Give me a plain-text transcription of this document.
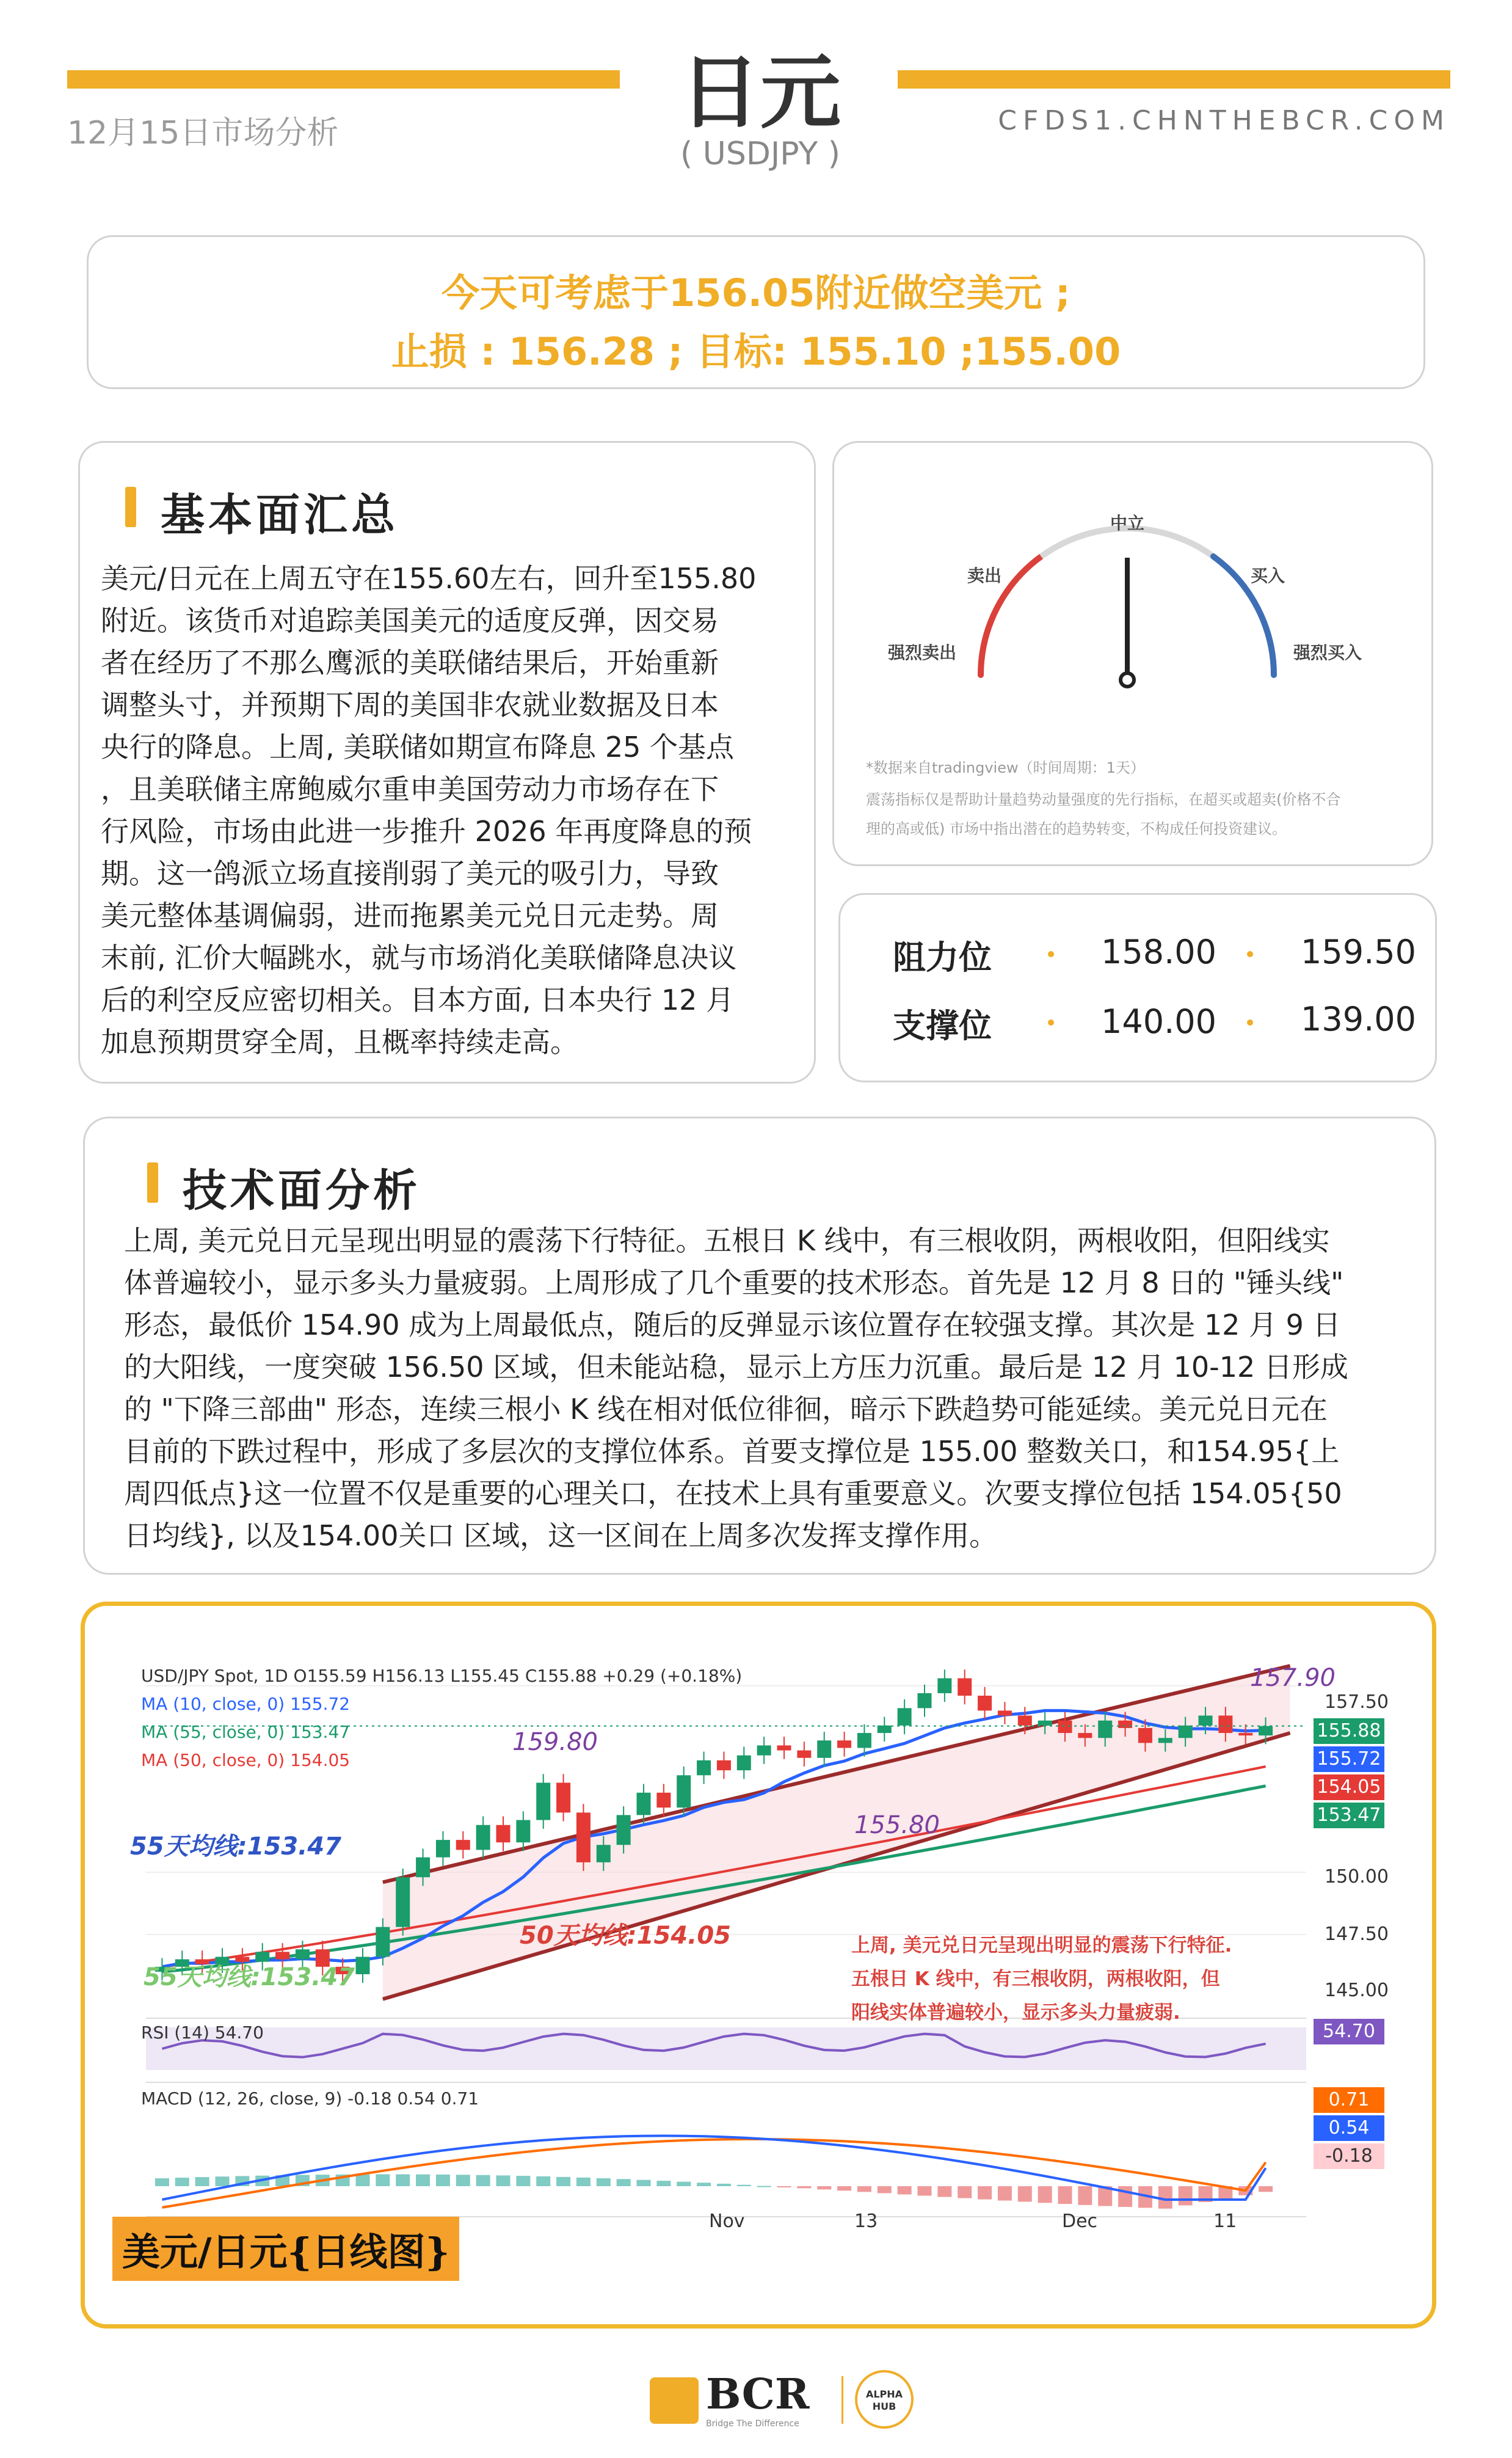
日元
( USDJPY )
12月15日市场分析	CFDS1.CHNTHEBCR.COM
今天可考虑于156.05附近做空美元 ;
止损 : 156.28 ; 目标: 155.10 ;155.00
基本面汇总
美元/日元在上周五守在155.60左右，回升至155.80
附近。该货币对追踪美国美元的适度反弹，因交易
者在经历了不那么鹰派的美联储结果后，开始重新
调整头寸，并预期下周的美国非农就业数据及日本
央行的降息。上周, 美联储如期宣布降息 25 个基点
，且美联储主席鲍威尔重申美国劳动力市场存在下
行风险，市场由此进一步推升 2026 年再度降息的预
期。这一鸽派立场直接削弱了美元的吸引力，导致
美元整体基调偏弱，进而拖累美元兑日元走势。周
末前, 汇价大幅跳水，就与市场消化美联储降息决议
后的利空反应密切相关。目本方面, 日本央行 12 月
加息预期贯穿全周，且概率持续走高。
中立
卖出	买入
强烈卖出	强烈买入
*数据来自tradingview（时间周期：1天）
震荡指标仅是帮助计量趋势动量强度的先行指标，在超买或超卖(价格不合
理的高或低) 市场中指出潜在的趋势转变，不构成任何投资建议。
阻力位	158.00	159.50
支撑位	140.00	139.00
技术面分析
上周, 美元兑日元呈现出明显的震荡下行特征。五根日 K 线中，有三根收阴，两根收阳，但阳线实
体普遍较小，显示多头力量疲弱。上周形成了几个重要的技术形态。首先是 12 月 8 日的 "锤头线"
形态，最低价 154.90 成为上周最低点，随后的反弹显示该位置存在较强支撑。其次是 12 月 9 日
的大阳线，一度突破 156.50 区域，但未能站稳，显示上方压力沉重。最后是 12 月 10-12 日形成
的 "下降三部曲" 形态，连续三根小 K 线在相对低位徘徊，暗示下跌趋势可能延续。美元兑日元在
目前的下跌过程中，形成了多层次的支撑位体系。首要支撑位是 155.00 整数关口，和154.95{上
周四低点}这一位置不仅是重要的心理关口，在技术上具有重要意义。次要支撑位包括 154.05{50
日均线}, 以及154.00关口 区域，这一区间在上周多次发挥支撑作用。
USD/JPY Spot, 1D O155.59 H156.13 L155.45 C155.88 +0.29 (+0.18%)
MA (10, close, 0) 155.72
MA (55, close, 0) 153.47
MA (50, close, 0) 154.05
157.90
159.80
155.80
55天均线:153.47
50天均线:154.05
55天均线:153.47
上周, 美元兑日元呈现出明显的震荡下行特征.
五根日 K 线中，有三根收阴，两根收阳，但
阳线实体普遍较小，显示多头力量疲弱.
157.50
150.00
147.50
145.00
155.88
155.72
154.05
153.47
RSI (14) 54.70	54.70
MACD (12, 26, close, 9) -0.18 0.54 0.71	0.71
0.54
-0.18
Nov	13	Dec	11
美元/日元{日线图}
BCR
Bridge The Difference
ALPHA HUB
